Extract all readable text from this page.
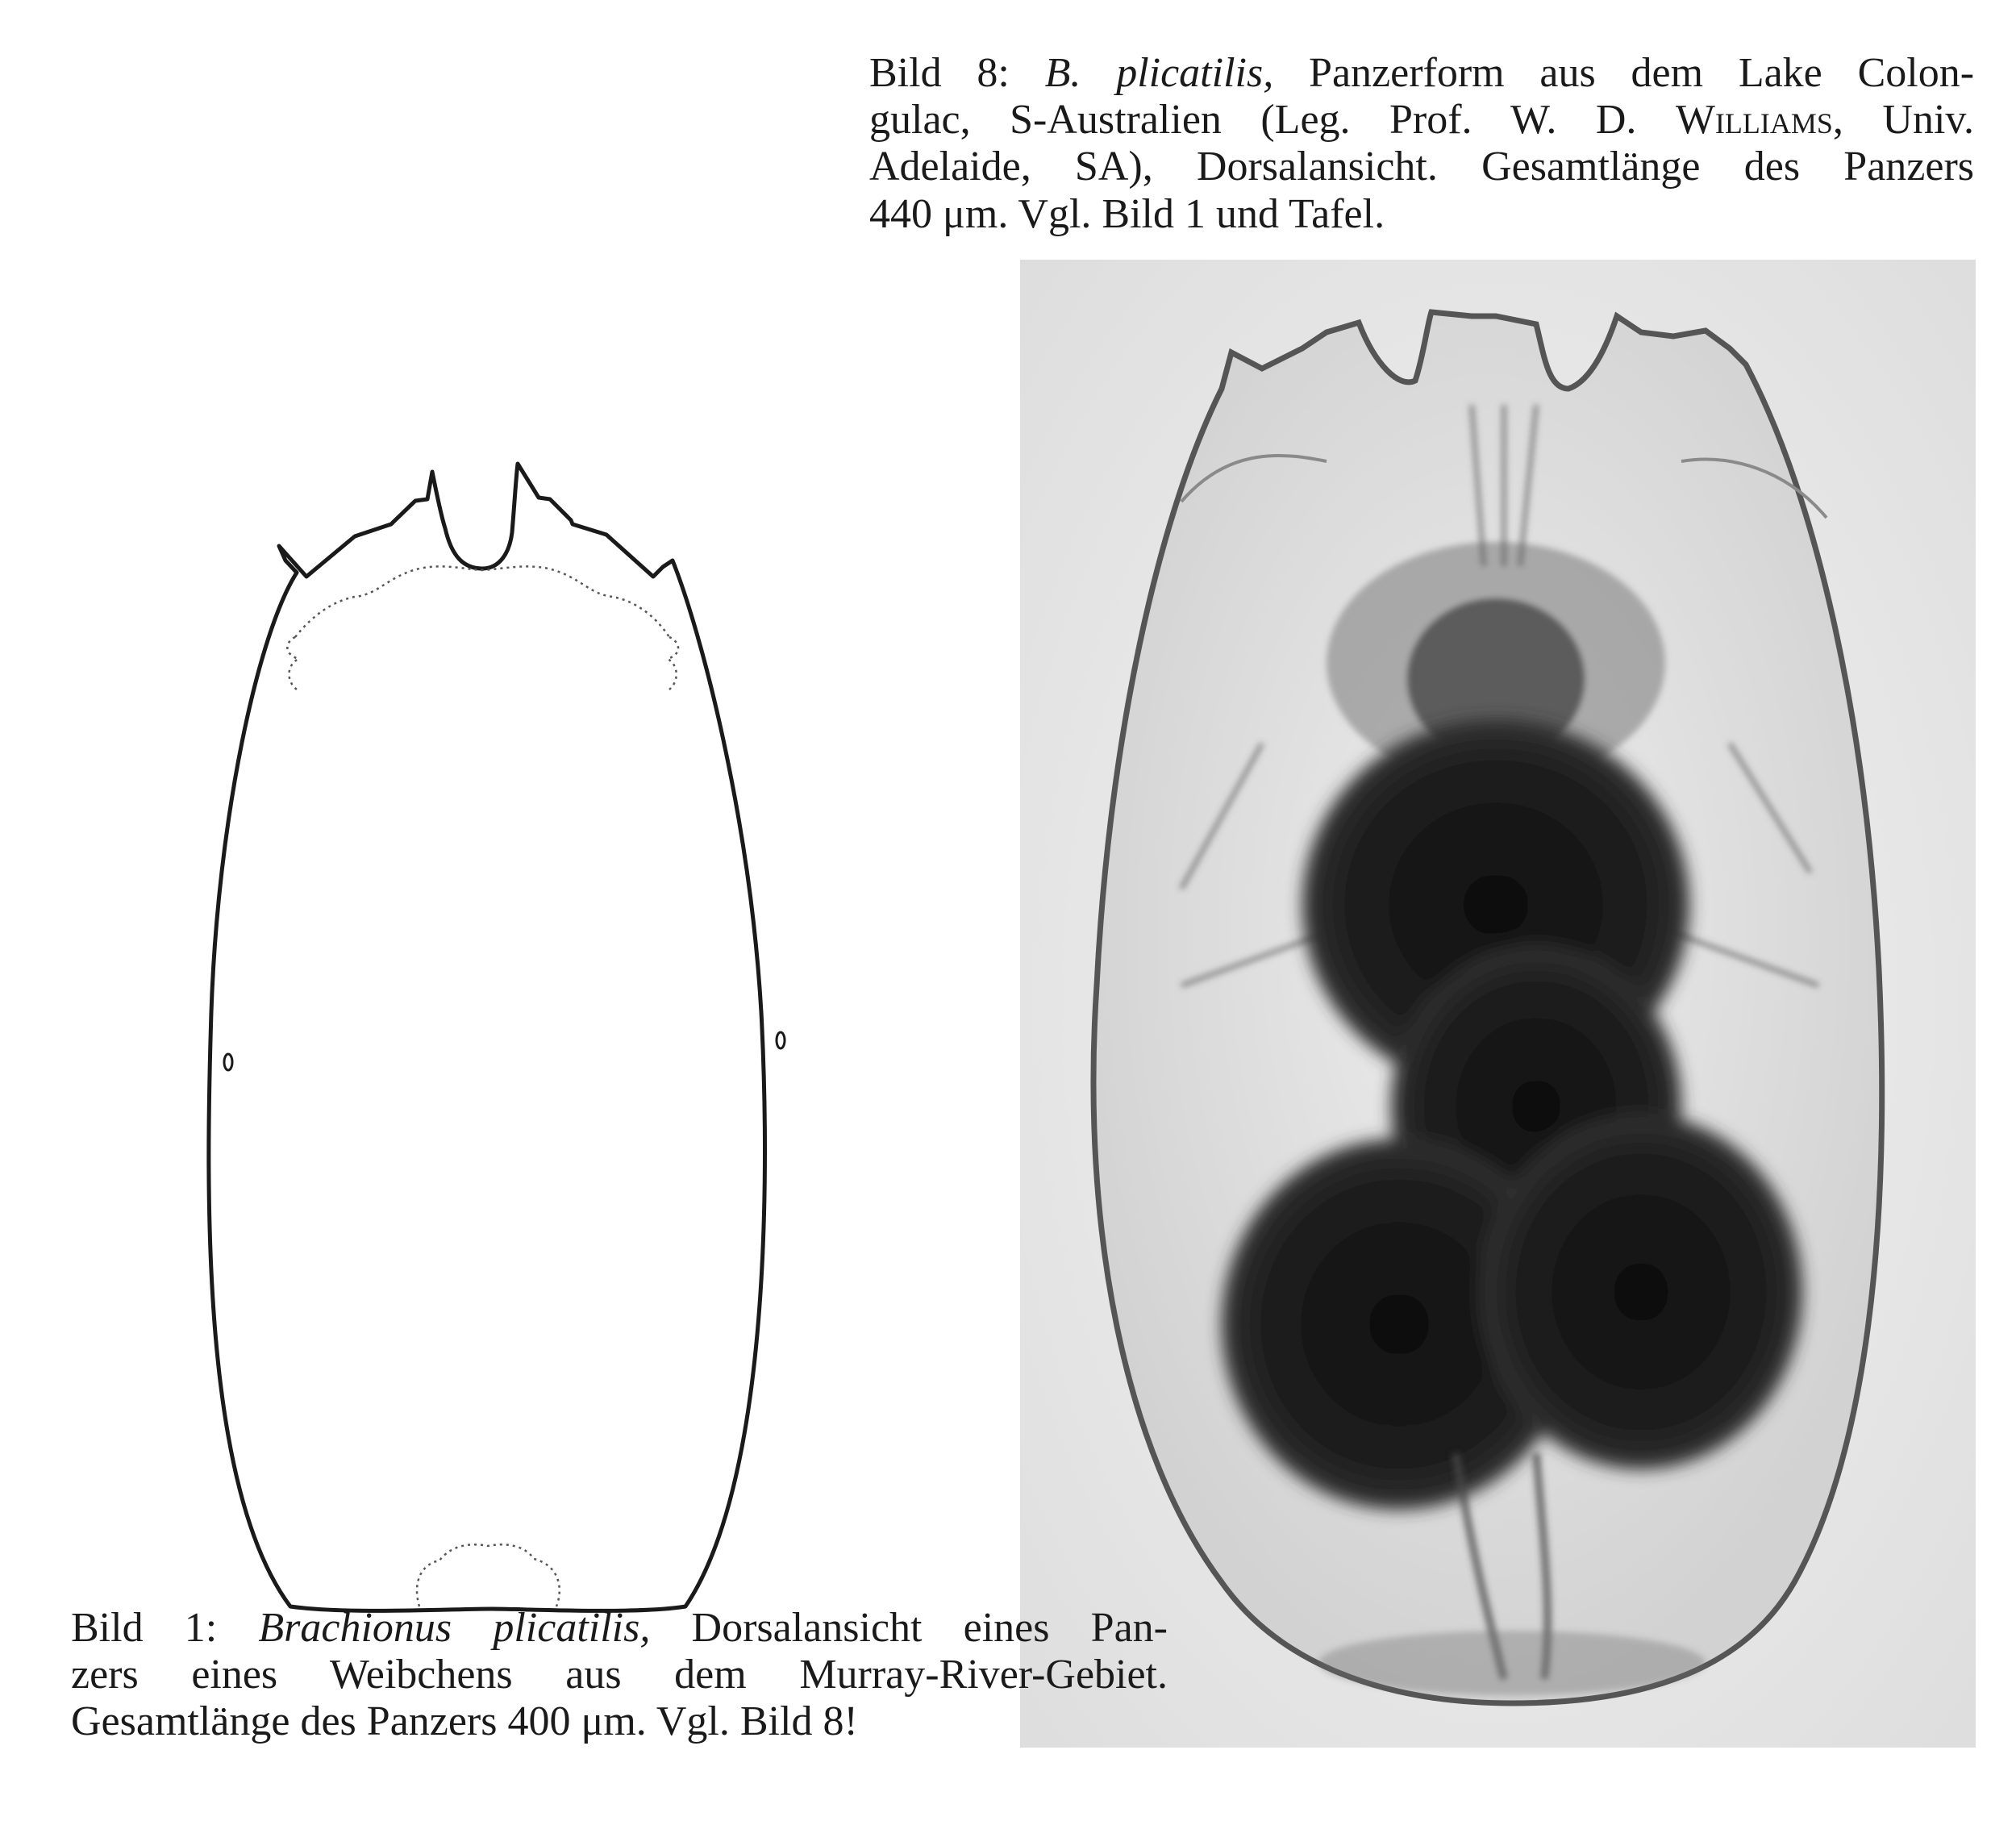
Bild 8: B. plicatilis, Panzerform aus dem Lake Colon-
gulac, S-Australien (Leg. Prof. W. D. Williams, Univ.
Adelaide, SA), Dorsalansicht. Gesamtlänge des Panzers
440 μm. Vgl. Bild 1 und Tafel.
Bild 1: Brachionus plicatilis, Dorsalansicht eines Pan-
zers eines Weibchens aus dem Murray-River-Gebiet.
Gesamtlänge des Panzers 400 μm. Vgl. Bild 8!
